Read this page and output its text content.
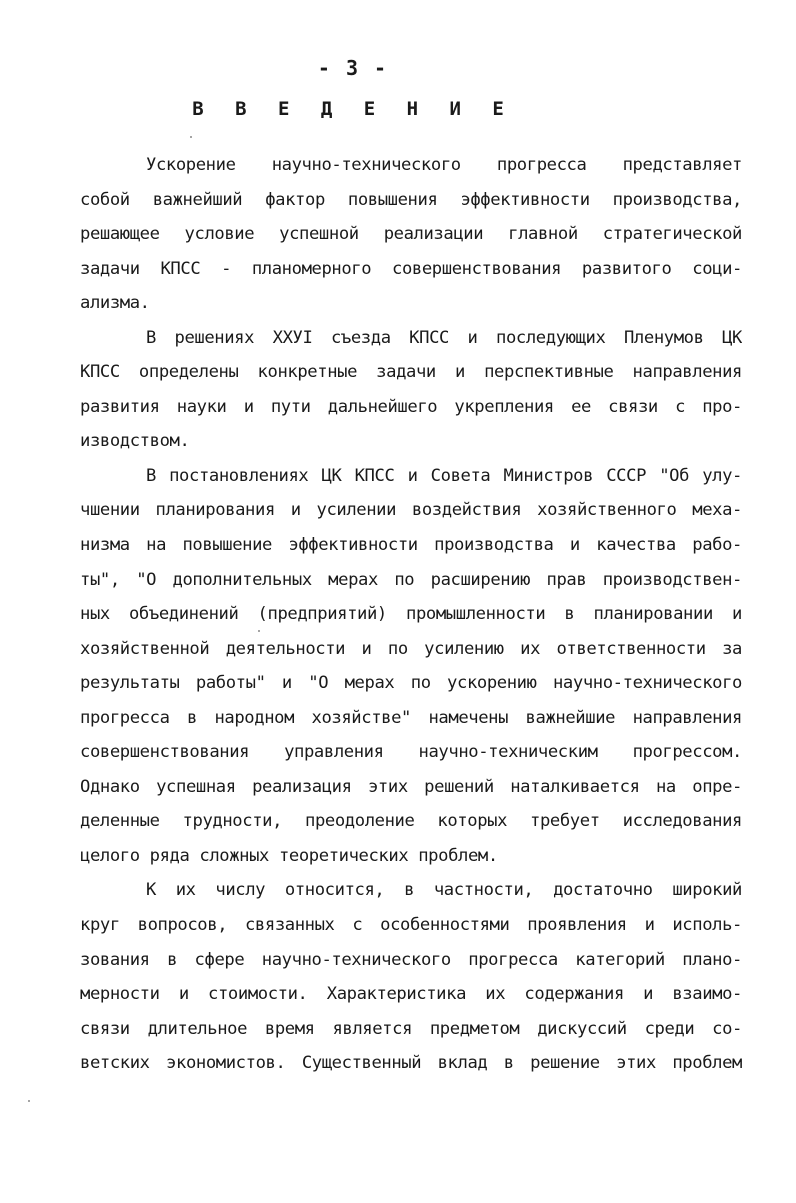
- 3 -
В В Е Д Е Н И Е
Ускорение научно-технического прогресса представляет
собой важнейший фактор повышения эффективности производства,
решающее условие успешной реализации главной стратегической
задачи КПСС - планомерного совершенствования развитого соци-
ализма.
В решениях XXУI съезда КПСС и последующих Пленумов ЦК
КПСС определены конкретные задачи и перспективные направления
развития науки и пути дальнейшего укрепления ее связи с про-
изводством.
В постановлениях ЦК КПСС и Совета Министров СССР "Об улу-
чшении планирования и усилении воздействия хозяйственного меха-
низма на повышение эффективности производства и качества рабо-
ты", "О дополнительных мерах по расширению прав производствен-
ных объединений (предприятий) промышленности в планировании и
хозяйственной деятельности и по усилению их ответственности за
результаты работы" и "О мерах по ускорению научно-технического
прогресса в народном хозяйстве" намечены важнейшие направления
совершенствования управления научно-техническим прогрессом.
Однако успешная реализация этих решений наталкивается на опре-
деленные трудности, преодоление которых требует исследования
целого ряда сложных теоретических проблем.
К их числу относится, в частности, достаточно широкий
круг вопросов, связанных с особенностями проявления и исполь-
зования в сфере научно-технического прогресса категорий плано-
мерности и стоимости. Характеристика их содержания и взаимо-
связи длительное время является предметом дискуссий среди со-
ветских экономистов. Существенный вклад в решение этих проблем
